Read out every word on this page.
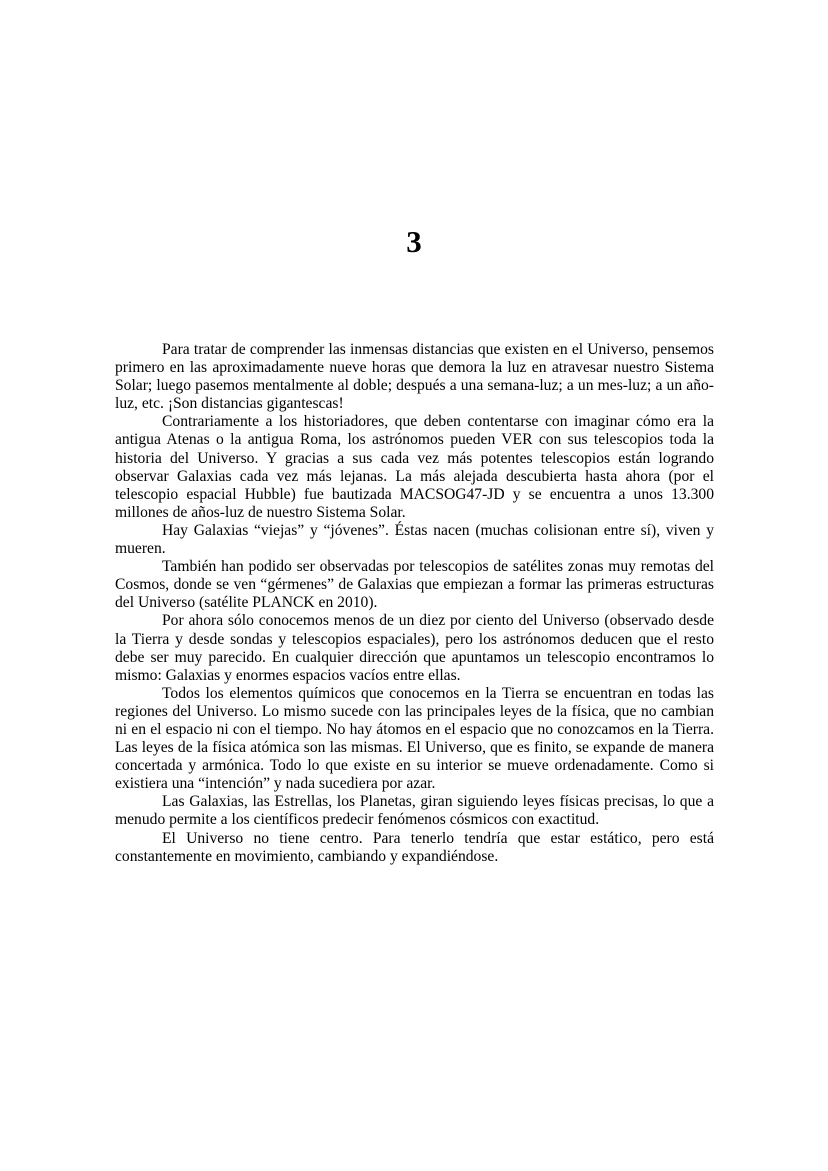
3

Para tratar de comprender las inmensas distancias que existen en el Universo, pensemos primero en las aproximadamente nueve horas que demora la luz en atravesar nuestro Sistema Solar; luego pasemos mentalmente al doble; después a una semana-luz; a un mes-luz; a un año-luz, etc. ¡Son distancias gigantescas!

Contrariamente a los historiadores, que deben contentarse con imaginar cómo era la antigua Atenas o la antigua Roma, los astrónomos pueden VER con sus telescopios toda la historia del Universo. Y gracias a sus cada vez más potentes telescopios están logrando observar Galaxias cada vez más lejanas. La más alejada descubierta hasta ahora (por el telescopio espacial Hubble) fue bautizada MACSOG47-JD y se encuentra a unos 13.300 millones de años-luz de nuestro Sistema Solar.

Hay Galaxias “viejas” y “jóvenes”. Éstas nacen (muchas colisionan entre sí), viven y mueren.

También han podido ser observadas por telescopios de satélites zonas muy remotas del Cosmos, donde se ven “gérmenes” de Galaxias que empiezan a formar las primeras estructuras del Universo (satélite PLANCK en 2010).

Por ahora sólo conocemos menos de un diez por ciento del Universo (observado desde la Tierra y desde sondas y telescopios espaciales), pero los astrónomos deducen que el resto debe ser muy parecido. En cualquier dirección que apuntamos un telescopio encontramos lo mismo: Galaxias y enormes espacios vacíos entre ellas.

Todos los elementos químicos que conocemos en la Tierra se encuentran en todas las regiones del Universo. Lo mismo sucede con las principales leyes de la física, que no cambian ni en el espacio ni con el tiempo. No hay átomos en el espacio que no conozcamos en la Tierra. Las leyes de la física atómica son las mismas. El Universo, que es finito, se expande de manera concertada y armónica. Todo lo que existe en su interior se mueve ordenadamente. Como si existiera una “intención” y nada sucediera por azar.

Las Galaxias, las Estrellas, los Planetas, giran siguiendo leyes físicas precisas, lo que a menudo permite a los científicos predecir fenómenos cósmicos con exactitud.

El Universo no tiene centro. Para tenerlo tendría que estar estático, pero está constantemente en movimiento, cambiando y expandiéndose.
